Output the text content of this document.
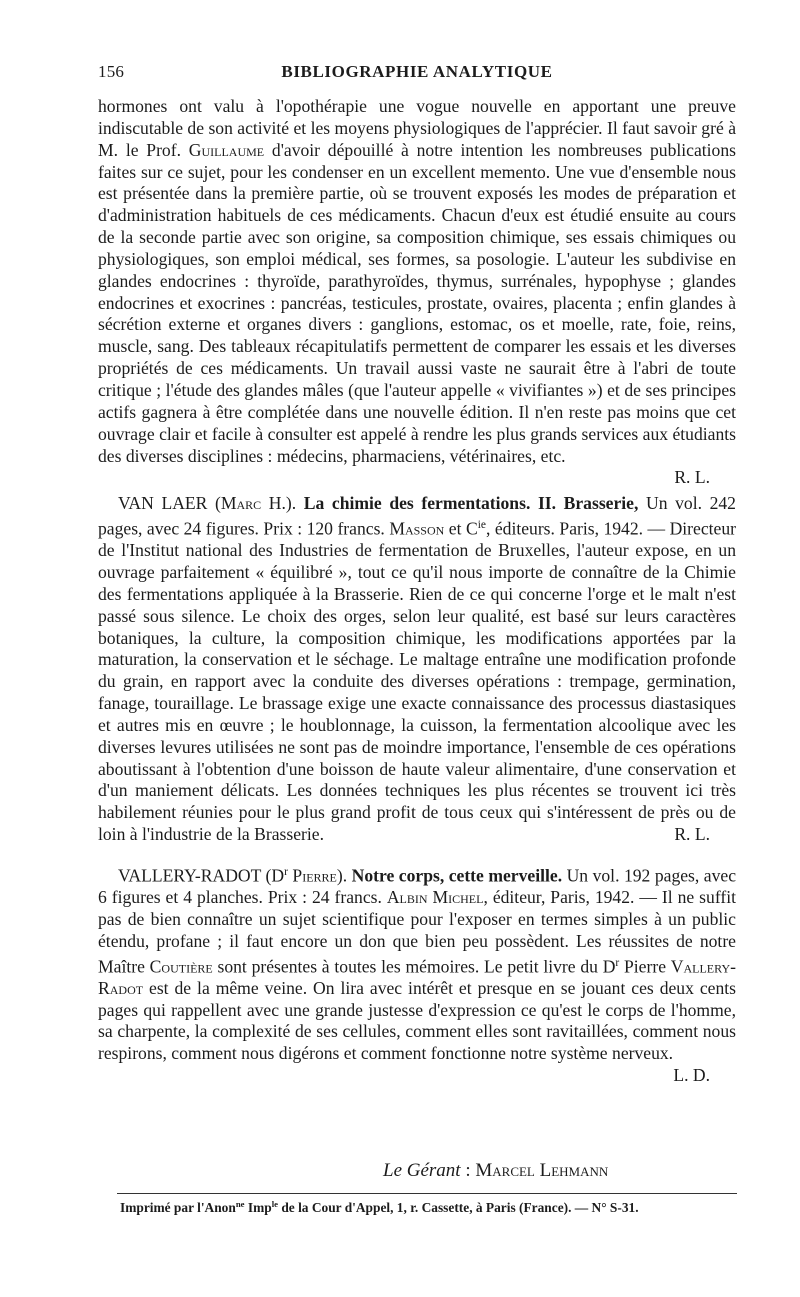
156	BIBLIOGRAPHIE ANALYTIQUE

hormones ont valu à l'opothérapie une vogue nouvelle en apportant une preuve indiscutable de son activité et les moyens physiologiques de l'apprécier. Il faut savoir gré à M. le Prof. Guillaume d'avoir dépouillé à notre intention les nombreuses publications faites sur ce sujet, pour les condenser en un excellent memento. Une vue d'ensemble nous est présentée dans la première partie, où se trouvent exposés les modes de préparation et d'administration habituels de ces médicaments. Chacun d'eux est étudié ensuite au cours de la seconde partie avec son origine, sa composition chimique, ses essais chimiques ou physiologiques, son emploi médical, ses formes, sa posologie. L'auteur les subdivise en glandes endocrines : thyroïde, parathyroïdes, thymus, surrénales, hypophyse ; glandes endocrines et exocrines : pancréas, testicules, prostate, ovaires, placenta ; enfin glandes à sécrétion externe et organes divers : ganglions, estomac, os et moelle, rate, foie, reins, muscle, sang. Des tableaux récapitulatifs permettent de comparer les essais et les diverses propriétés de ces médicaments. Un travail aussi vaste ne saurait être à l'abri de toute critique ; l'étude des glandes mâles (que l'auteur appelle « vivifiantes ») et de ses principes actifs gagnera à être complétée dans une nouvelle édition. Il n'en reste pas moins que cet ouvrage clair et facile à consulter est appelé à rendre les plus grands services aux étudiants des diverses disciplines : médecins, pharmaciens, vétérinaires, etc.
R. L.

VAN LAER (Marc H.). La chimie des fermentations. II. Brasserie, Un vol. 242 pages, avec 24 figures. Prix : 120 francs. Masson et $C^{ie}$, éditeurs. Paris, 1942. — Directeur de l'Institut national des Industries de fermentation de Bruxelles, l'auteur expose, en un ouvrage parfaitement « équilibré », tout ce qu'il nous importe de connaître de la Chimie des fermentations appliquée à la Brasserie. Rien de ce qui concerne l'orge et le malt n'est passé sous silence. Le choix des orges, selon leur qualité, est basé sur leurs caractères botaniques, la culture, la composition chimique, les modifications apportées par la maturation, la conservation et le séchage. Le maltage entraîne une modification profonde du grain, en rapport avec la conduite des diverses opérations : trempage, germination, fanage, touraillage. Le brassage exige une exacte connaissance des processus diastasiques et autres mis en œuvre ; le houblonnage, la cuisson, la fermentation alcoolique avec les diverses levures utilisées ne sont pas de moindre importance, l'ensemble de ces opérations aboutissant à l'obtention d'une boisson de haute valeur alimentaire, d'une conservation et d'un maniement délicats. Les données techniques les plus récentes se trouvent ici très habilement réunies pour le plus grand profit de tous ceux qui s'intéressent de près ou de loin à l'industrie de la Brasserie.	R. L.

VALLERY-RADOT ($D^r$ Pierre). Notre corps, cette merveille. Un vol. 192 pages, avec 6 figures et 4 planches. Prix : 24 francs. Albin Michel, éditeur, Paris, 1942. — Il ne suffit pas de bien connaître un sujet scientifique pour l'exposer en termes simples à un public étendu, profane ; il faut encore un don que bien peu possèdent. Les réussites de notre Maître Coutière sont présentes à toutes les mémoires. Le petit livre du $D^r$ Pierre Vallery-Radot est de la même veine. On lira avec intérêt et presque en se jouant ces deux cents pages qui rappellent avec une grande justesse d'expression ce qu'est le corps de l'homme, sa charpente, la complexité de ses cellules, comment elles sont ravitaillées, comment nous respirons, comment nous digérons et comment fonctionne notre système nerveux.
L. D.

Le Gérant : Marcel Lehmann
Imprimé par l'Anon$^{ne}$ Imp$^{le}$ de la Cour d'Appel, 1, r. Cassette, à Paris (France). — N° S-31.
